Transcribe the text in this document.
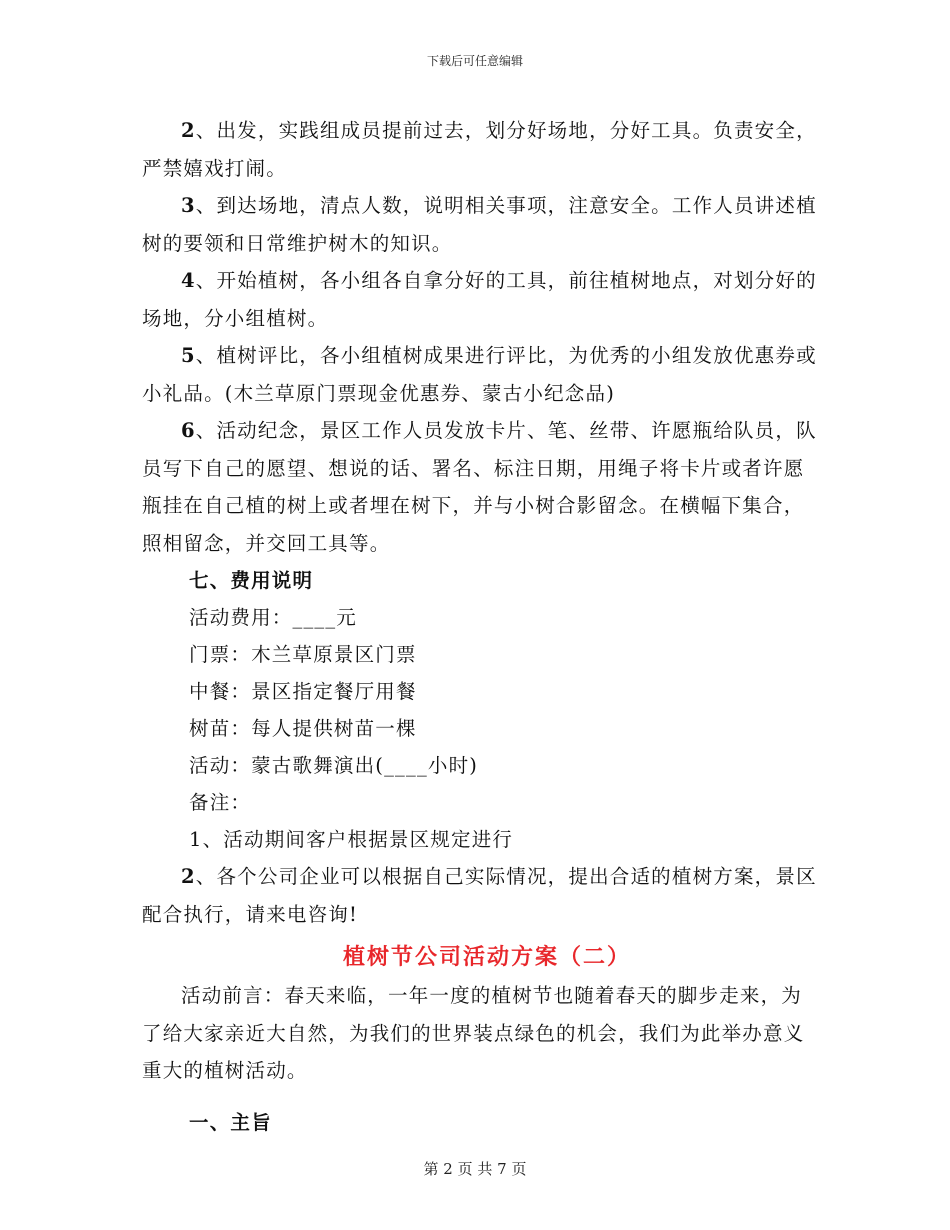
下载后可任意编辑

2、出发，实践组成员提前过去，划分好场地，分好工具。负责安全，严禁嬉戏打闹。

3、到达场地，清点人数，说明相关事项，注意安全。工作人员讲述植树的要领和日常维护树木的知识。

4、开始植树，各小组各自拿分好的工具，前往植树地点，对划分好的场地，分小组植树。

5、植树评比，各小组植树成果进行评比，为优秀的小组发放优惠券或小礼品。(木兰草原门票现金优惠券、蒙古小纪念品)

6、活动纪念，景区工作人员发放卡片、笔、丝带、许愿瓶给队员，队员写下自己的愿望、想说的话、署名、标注日期，用绳子将卡片或者许愿瓶挂在自己植的树上或者埋在树下，并与小树合影留念。在横幅下集合，照相留念，并交回工具等。

七、费用说明

活动费用：____元

门票：木兰草原景区门票

中餐：景区指定餐厅用餐

树苗：每人提供树苗一棵

活动：蒙古歌舞演出(____小时)

备注：

1、活动期间客户根据景区规定进行

2、各个公司企业可以根据自己实际情况，提出合适的植树方案，景区配合执行，请来电咨询!

植树节公司活动方案（二）

活动前言：春天来临，一年一度的植树节也随着春天的脚步走来，为了给大家亲近大自然，为我们的世界装点绿色的机会，我们为此举办意义重大的植树活动。

一、主旨

第 2 页 共 7 页
